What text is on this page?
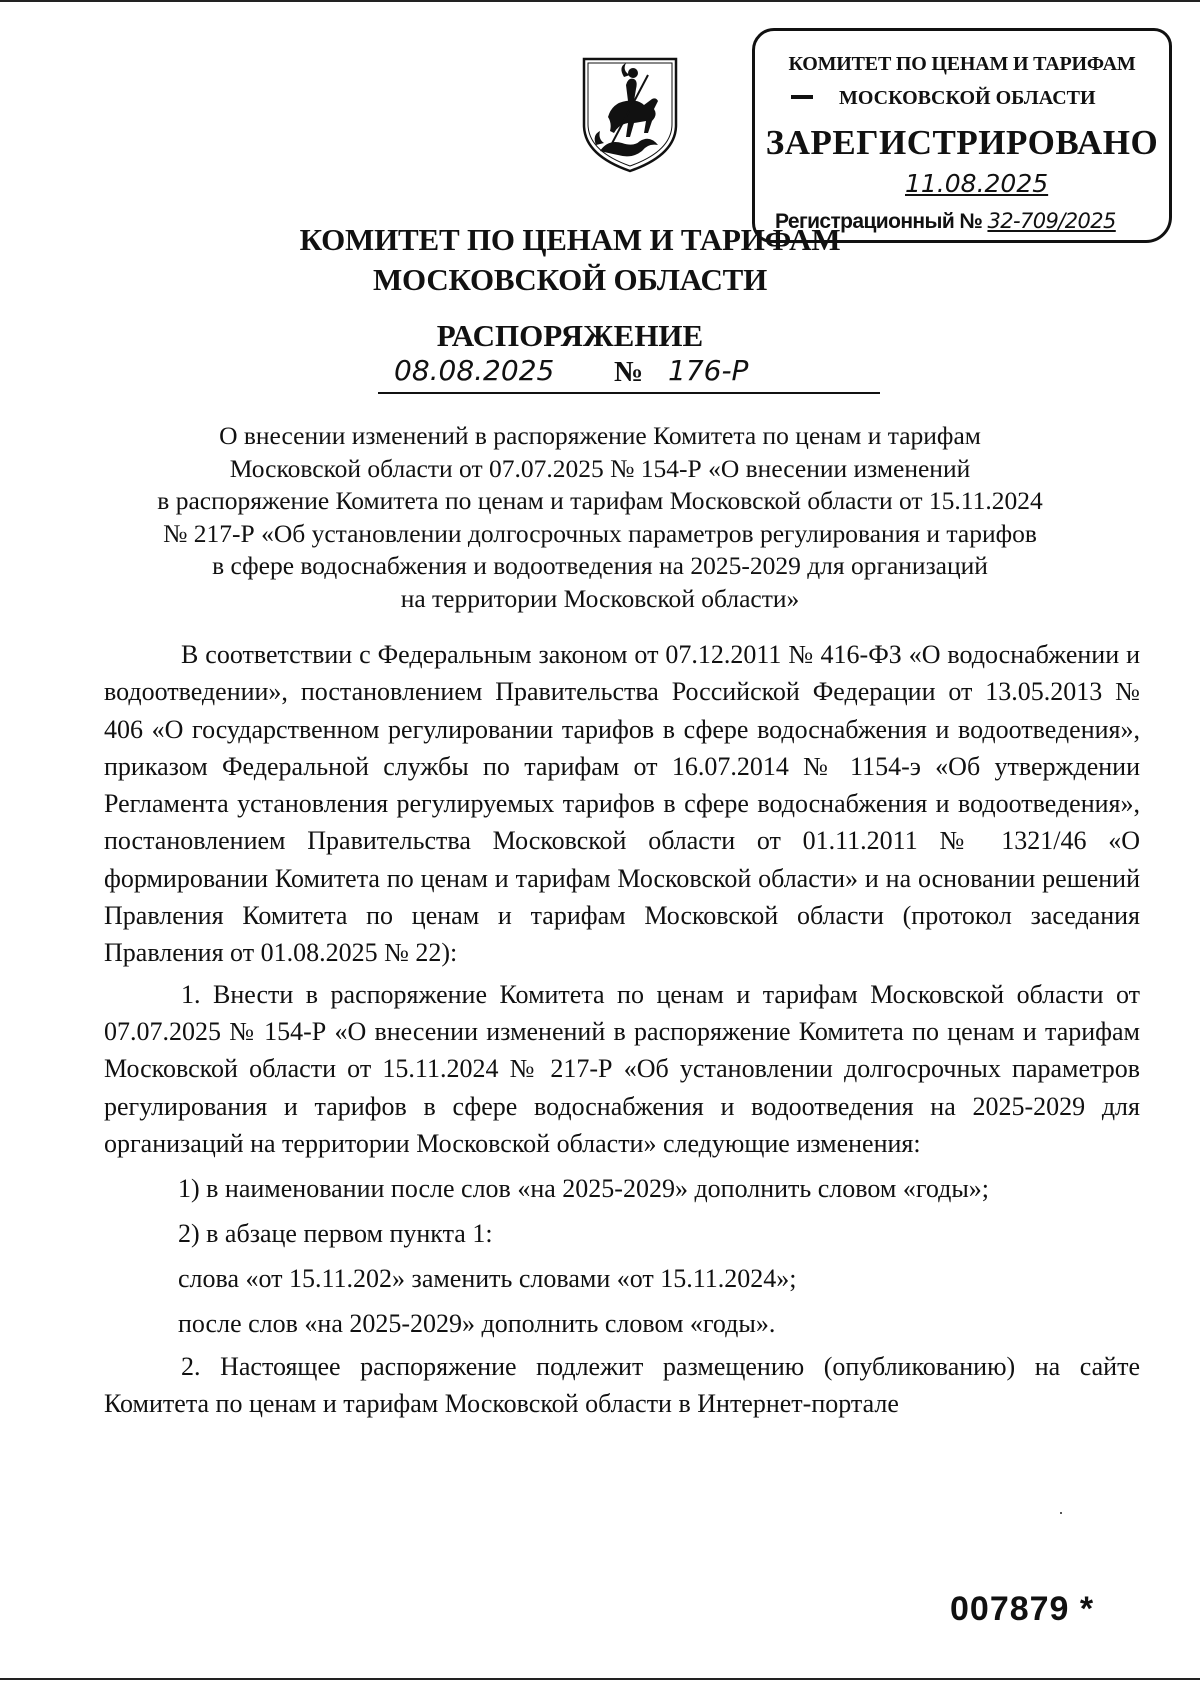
КОМИТЕТ ПО ЦЕНАМ И ТАРИФАМ
МОСКОВСКОЙ ОБЛАСТИ
ЗАРЕГИСТРИРОВАНО
11.08.2025
Регистрационный № 32-709/2025
КОМИТЕТ ПО ЦЕНАМ И ТАРИФАМ
МОСКОВСКОЙ ОБЛАСТИ
РАСПОРЯЖЕНИЕ
08.08.2025 № 176-Р
О внесении изменений в распоряжение Комитета по ценам и тарифам
Московской области от 07.07.2025 № 154-Р «О внесении изменений
в распоряжение Комитета по ценам и тарифам Московской области от 15.11.2024
№ 217-Р «Об установлении долгосрочных параметров регулирования и тарифов
в сфере водоснабжения и водоотведения на 2025-2029 для организаций
на территории Московской области»

В соответствии с Федеральным законом от 07.12.2011 № 416-ФЗ «О водоснабжении и водоотведении», постановлением Правительства Российской Федерации от 13.05.2013 № 406 «О государственном регулировании тарифов в сфере водоснабжения и водоотведения», приказом Федеральной службы по тарифам от 16.07.2014 № 1154-э «Об утверждении Регламента установления регулируемых тарифов в сфере водоснабжения и водоотведения», постановлением Правительства Московской области от 01.11.2011 № 1321/46 «О формировании Комитета по ценам и тарифам Московской области» и на основании решений Правления Комитета по ценам и тарифам Московской области (протокол заседания Правления от 01.08.2025 № 22):

1. Внести в распоряжение Комитета по ценам и тарифам Московской области от 07.07.2025 № 154-Р «О внесении изменений в распоряжение Комитета по ценам и тарифам Московской области от 15.11.2024 № 217-Р «Об установлении долгосрочных параметров регулирования и тарифов в сфере водоснабжения и водоотведения на 2025-2029 для организаций на территории Московской области» следующие изменения:

1) в наименовании после слов «на 2025-2029» дополнить словом «годы»;

2) в абзаце первом пункта 1:

слова «от 15.11.202» заменить словами «от 15.11.2024»;

после слов «на 2025-2029» дополнить словом «годы».

2. Настоящее распоряжение подлежит размещению (опубликованию) на сайте Комитета по ценам и тарифам Московской области в Интернет-портале

007879 *
